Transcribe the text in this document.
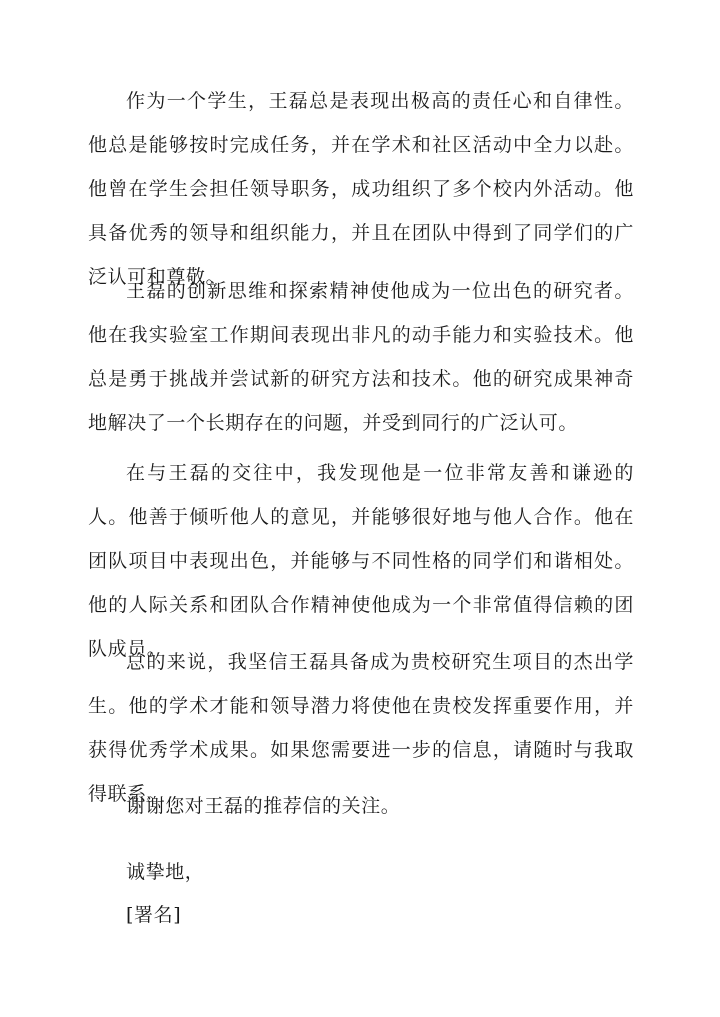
作为一个学生，王磊总是表现出极高的责任心和自律性。他总是能够按时完成任务，并在学术和社区活动中全力以赴。他曾在学生会担任领导职务，成功组织了多个校内外活动。他具备优秀的领导和组织能力，并且在团队中得到了同学们的广泛认可和尊敬。

王磊的创新思维和探索精神使他成为一位出色的研究者。他在我实验室工作期间表现出非凡的动手能力和实验技术。他总是勇于挑战并尝试新的研究方法和技术。他的研究成果神奇地解决了一个长期存在的问题，并受到同行的广泛认可。

在与王磊的交往中，我发现他是一位非常友善和谦逊的人。他善于倾听他人的意见，并能够很好地与他人合作。他在团队项目中表现出色，并能够与不同性格的同学们和谐相处。他的人际关系和团队合作精神使他成为一个非常值得信赖的团队成员。

总的来说，我坚信王磊具备成为贵校研究生项目的杰出学生。他的学术才能和领导潜力将使他在贵校发挥重要作用，并获得优秀学术成果。如果您需要进一步的信息，请随时与我取得联系。

谢谢您对王磊的推荐信的关注。

诚挚地，

[署名]
